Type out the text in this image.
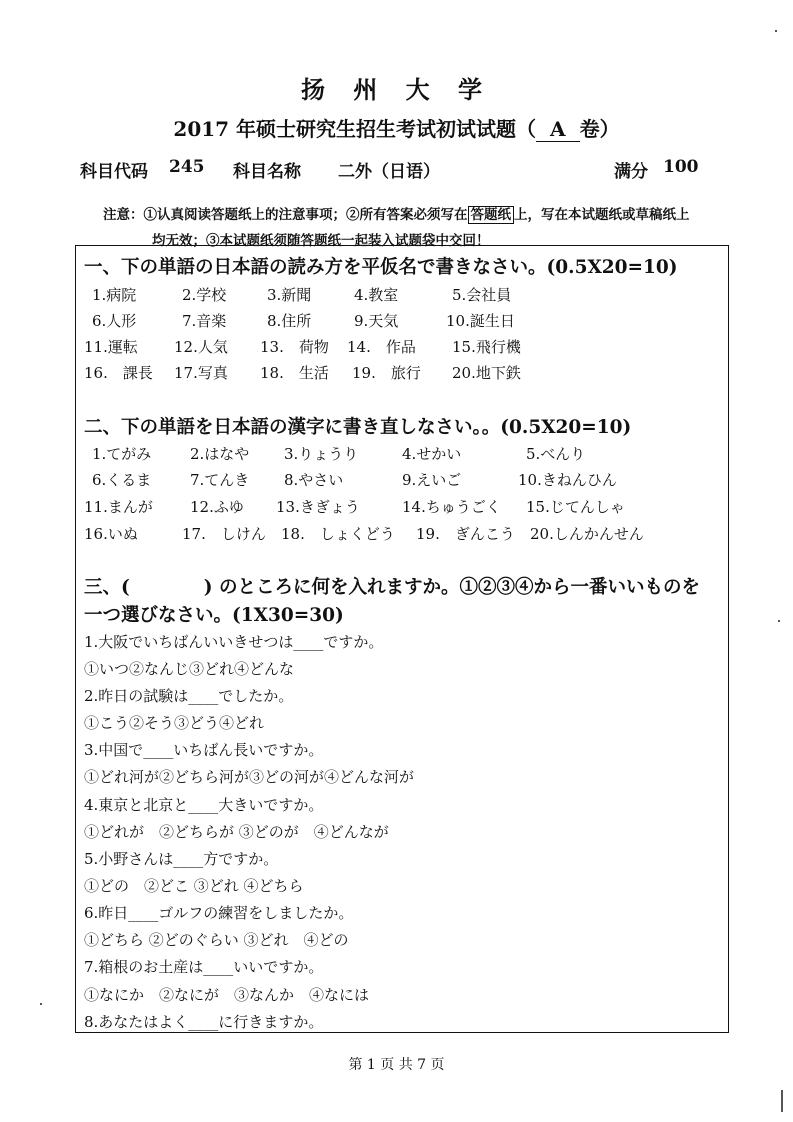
扬 州 大 学
2017 年硕士研究生招生考试初试试题（ A 卷）
科目代码 245 科目名称 二外（日语）	满分 100
注意：①认真阅读答题纸上的注意事项；②所有答案必须写在 答题纸 上，写在本试题纸或草稿纸上
均无效；③本试题纸须随答题纸一起装入试题袋中交回！
一、下の単語の日本語の読み方を平仮名で書きなさい。(0.5X20=10)
1.病院	2.学校	3.新聞	4.教室	5.会社員
6.人形	7.音楽	8.住所	9.天気	10.誕生日
11.運転 12.人気 13.　荷物 14.　作品 15.飛行機
16.　課長 17.写真 18.　生活 19.　旅行 20.地下鉄
二、下の単語を日本語の漢字に書き直しなさい。。(0.5X20=10)
1.てがみ	2.はなや 3.りょうり	4.せかい	5.べんり
6.くるま	7.てんき 8.やさい	9.えいご	10.きねんひん
11.まんが 12.ふゆ 13.きぎょう	14.ちゅうごく 15.じてんしゃ
16.いぬ	17.　しけん 18.　しょくどう 19.　ぎんこう 20.しんかんせん
三、(　　　　) のところに何を入れますか。①②③④から一番いいものを
一つ選びなさい。(1X30=30)
1.大阪でいちばんいいきせつは____ですか。
①いつ②なんじ③どれ④どんな
2.昨日の試験は____でしたか。
①こう②そう③どう④どれ
3.中国で____いちばん長いですか。
①どれ河が②どちら河が③どの河が④どんな河が
4.東京と北京と____大きいですか。
①どれが　②どちらが ③どのが　④どんなが
5.小野さんは____方ですか。
①どの　②どこ ③どれ ④どちら
6.昨日____ゴルフの練習をしましたか。
①どちら ②どのぐらい ③どれ　④どの
7.箱根のお土産は____いいですか。
①なにか　②なにが　③なんか　④なには
8.あなたはよく____に行きますか。
第 1 页 共 7 页
